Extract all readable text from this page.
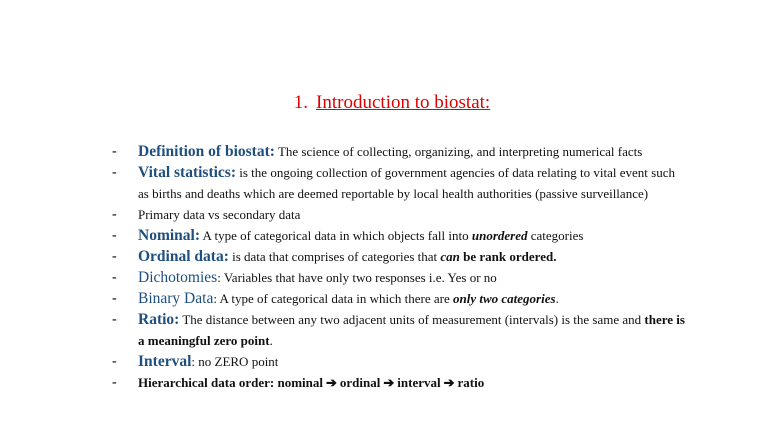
1. Introduction to biostat:
-	Definition of biostat: The science of collecting, organizing, and interpreting numerical facts
-	Vital statistics: is the ongoing collection of government agencies of data relating to vital event such as births and deaths which are deemed reportable by local health authorities (passive surveillance)
-	Primary data vs secondary data
-	Nominal: A type of categorical data in which objects fall into unordered categories
-	Ordinal data: is data that comprises of categories that can be rank ordered.
-	Dichotomies: Variables that have only two responses i.e. Yes or no
-	Binary Data: A type of categorical data in which there are only two categories.
-	Ratio: The distance between any two adjacent units of measurement (intervals) is the same and there is a meaningful zero point.
-	Interval: no ZERO point
-	Hierarchical data order: nominal ➔ ordinal ➔ interval ➔ ratio
